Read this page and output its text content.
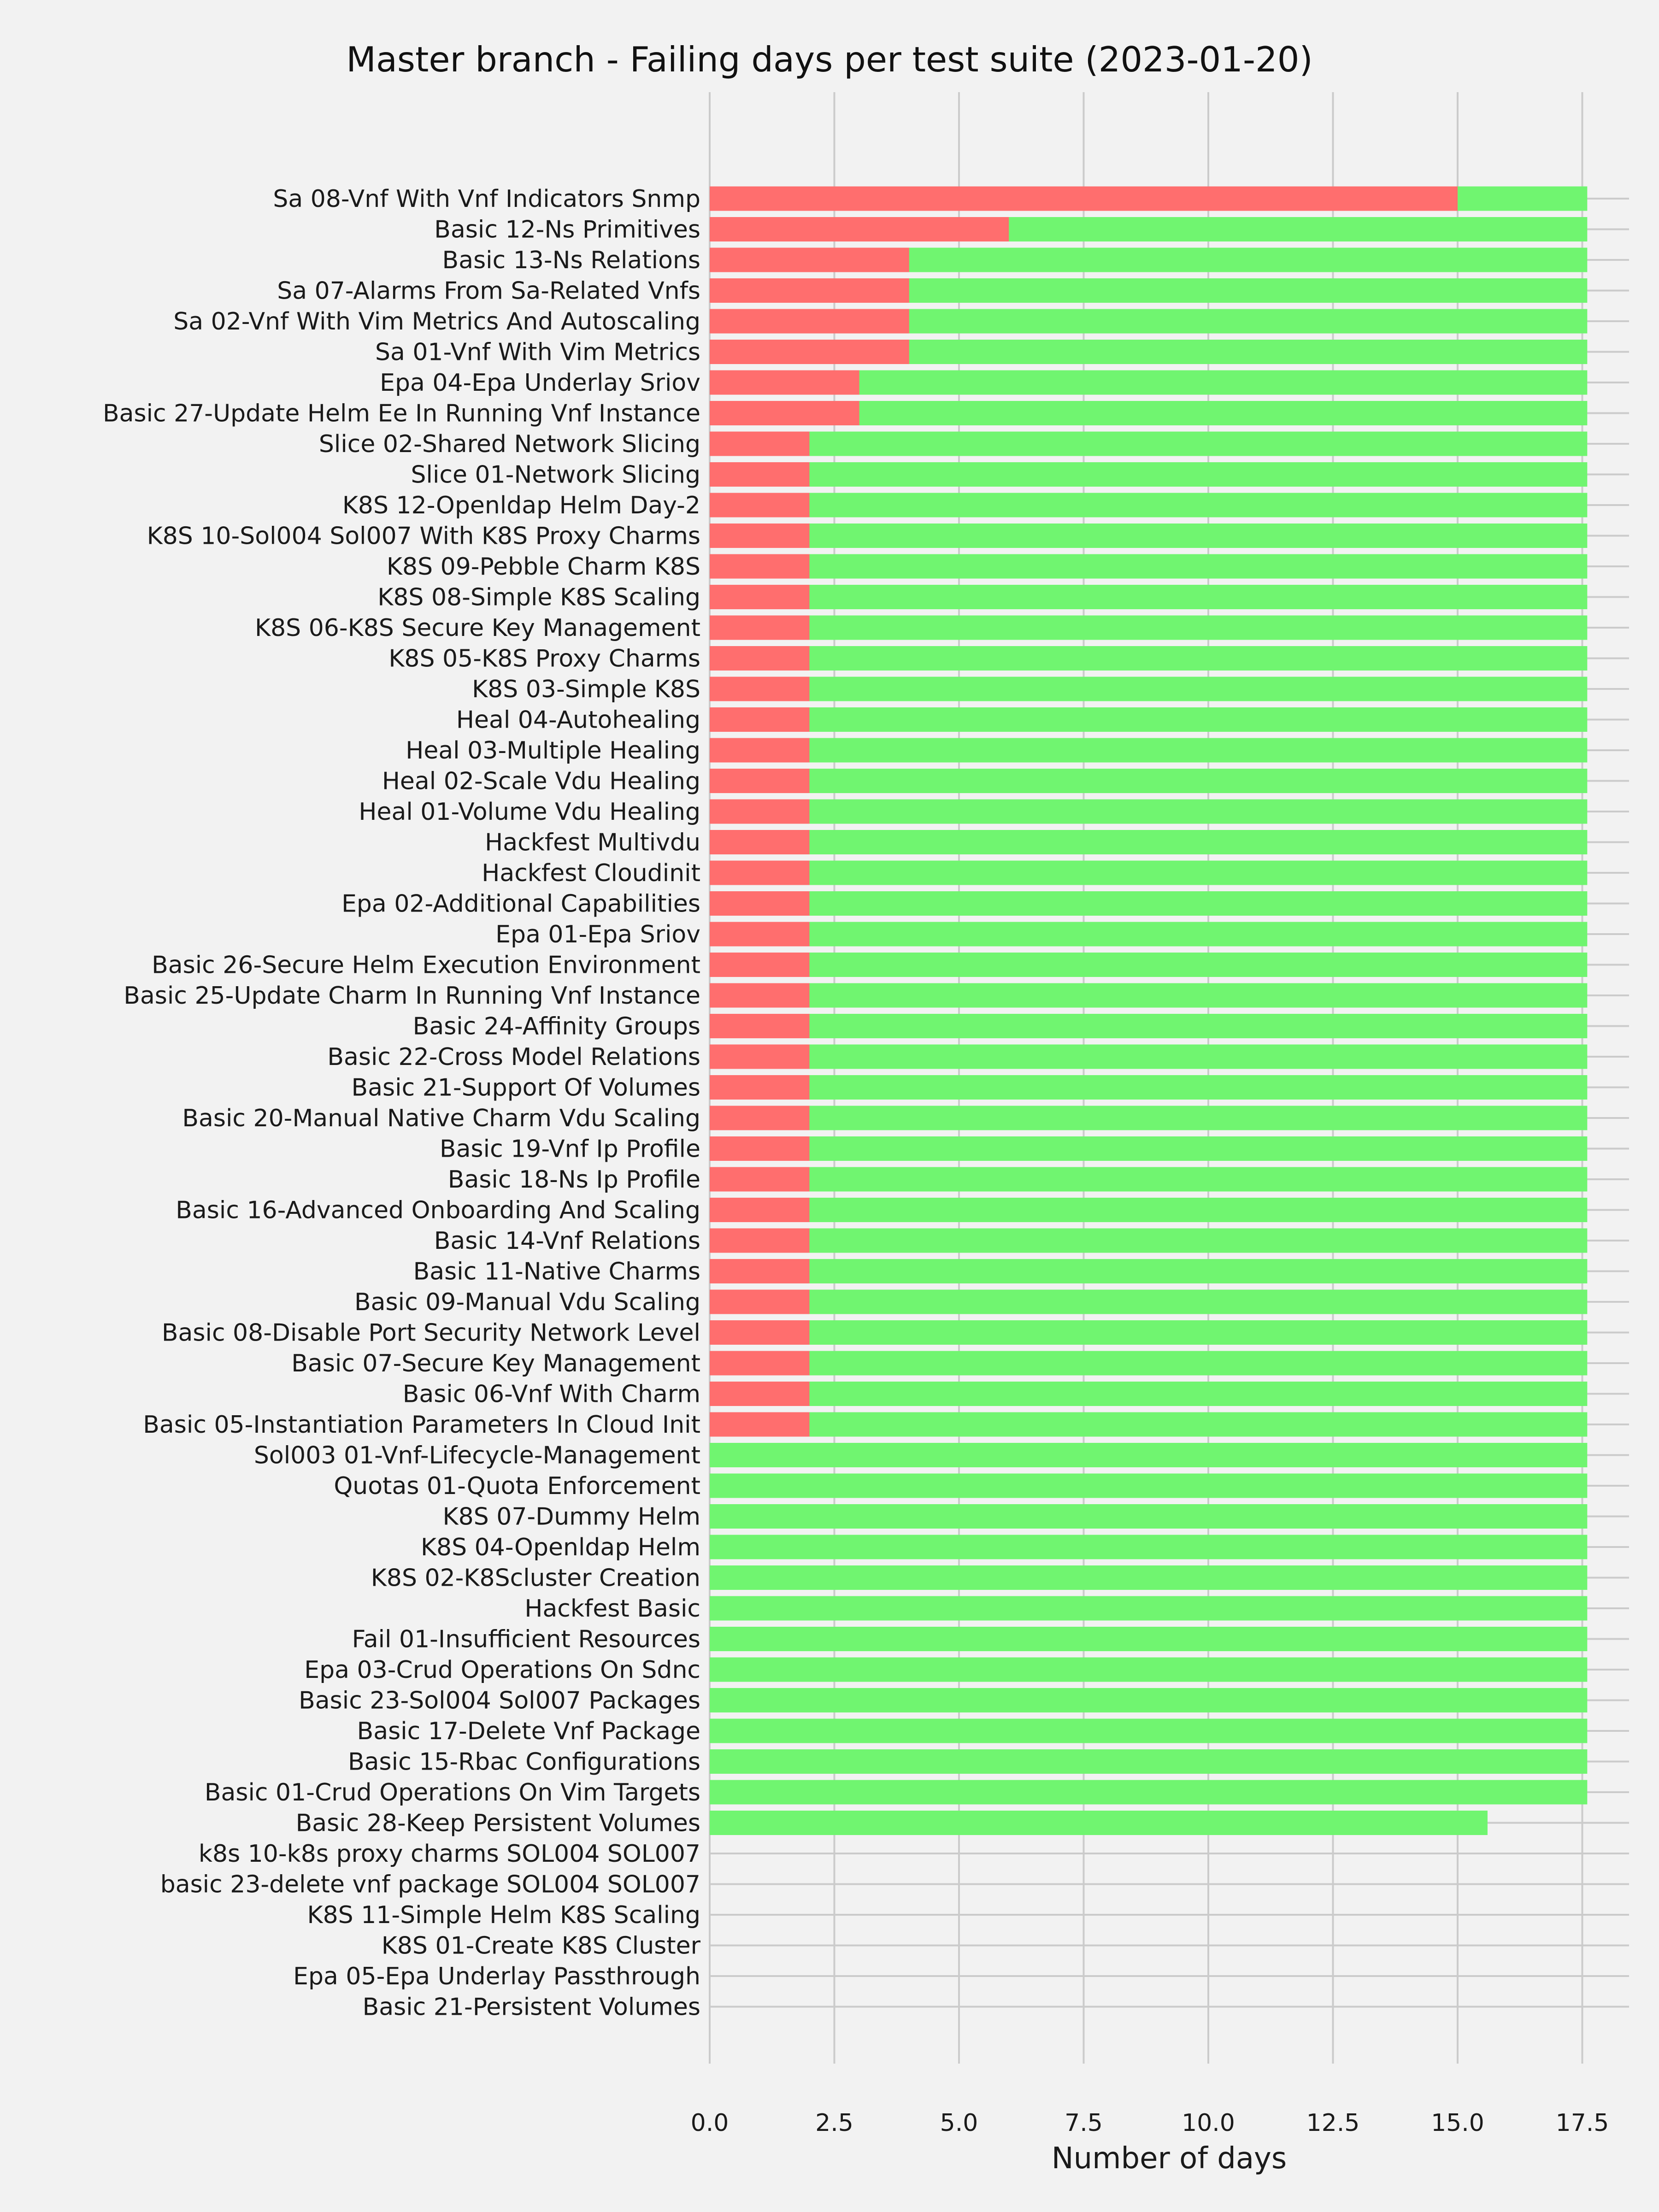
Sa 08-Vnf With Vnf Indicators Snmp
Basic 12-Ns Primitives
Basic 13-Ns Relations
Sa 07-Alarms From Sa-Related Vnfs
Sa 02-Vnf With Vim Metrics And Autoscaling
Sa 01-Vnf With Vim Metrics
Epa 04-Epa Underlay Sriov
Basic 27-Update Helm Ee In Running Vnf Instance
Slice 02-Shared Network Slicing
Slice 01-Network Slicing
K8S 12-Openldap Helm Day-2
K8S 10-Sol004 Sol007 With K8S Proxy Charms
K8S 09-Pebble Charm K8S
K8S 08-Simple K8S Scaling
K8S 06-K8S Secure Key Management
K8S 05-K8S Proxy Charms
K8S 03-Simple K8S
Heal 04-Autohealing
Heal 03-Multiple Healing
Heal 02-Scale Vdu Healing
Heal 01-Volume Vdu Healing
Hackfest Multivdu
Hackfest Cloudinit
Epa 02-Additional Capabilities
Epa 01-Epa Sriov
Basic 26-Secure Helm Execution Environment
Basic 25-Update Charm In Running Vnf Instance
Basic 24-Affinity Groups
Basic 22-Cross Model Relations
Basic 21-Support Of Volumes
Basic 20-Manual Native Charm Vdu Scaling
Basic 19-Vnf Ip Profile
Basic 18-Ns Ip Profile
Basic 16-Advanced Onboarding And Scaling
Basic 14-Vnf Relations
Basic 11-Native Charms
Basic 09-Manual Vdu Scaling
Basic 08-Disable Port Security Network Level
Basic 07-Secure Key Management
Basic 06-Vnf With Charm
Basic 05-Instantiation Parameters In Cloud Init
Sol003 01-Vnf-Lifecycle-Management
Quotas 01-Quota Enforcement
K8S 07-Dummy Helm
K8S 04-Openldap Helm
K8S 02-K8Scluster Creation
Hackfest Basic
Fail 01-Insufficient Resources
Epa 03-Crud Operations On Sdnc
Basic 23-Sol004 Sol007 Packages
Basic 17-Delete Vnf Package
Basic 15-Rbac Configurations
Basic 01-Crud Operations On Vim Targets
Basic 28-Keep Persistent Volumes
k8s 10-k8s proxy charms SOL004 SOL007
basic 23-delete vnf package SOL004 SOL007
K8S 11-Simple Helm K8S Scaling
K8S 01-Create K8S Cluster
Epa 05-Epa Underlay Passthrough
Basic 21-Persistent Volumes
0.0	2.5	5.0	7.5	10.0	12.5	15.0	17.5
Master branch - Failing days per test suite (2023-01-20)
Number of days
